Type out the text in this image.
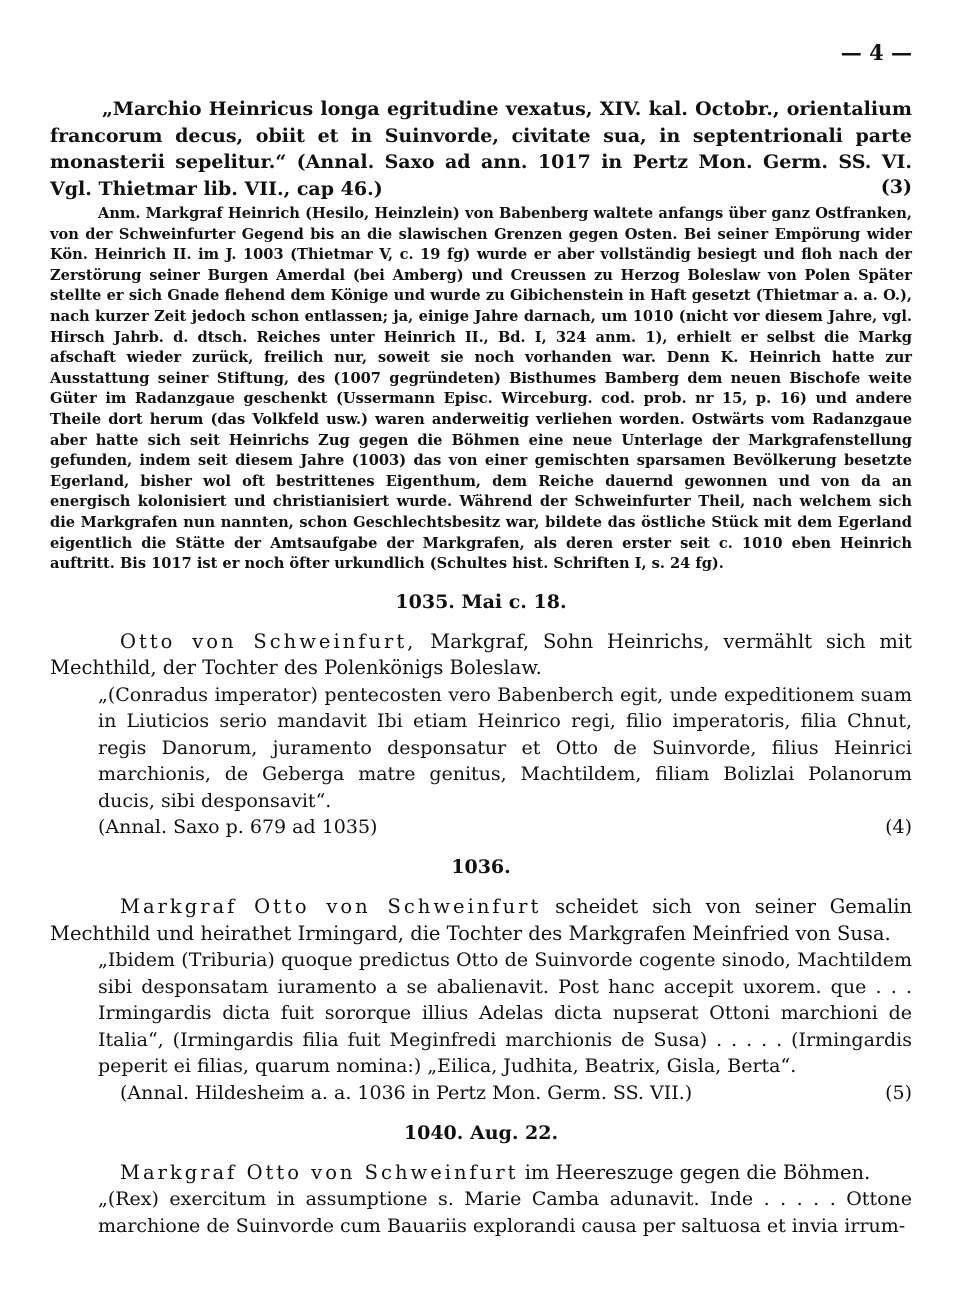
— 4 —

„Marchio Heinricus longa egritudine vexatus, XIV. kal. Octobr., orientalium francorum decus, obiit et in Suinvorde, civitate sua, in septentrionali parte monasterii sepelitur.“ (Annal. Saxo ad ann. 1017 in Pertz Mon. Germ. SS. VI. Vgl. Thietmar lib. VII., cap 46.)	(3)

Anm. Markgraf Heinrich (Hesilo, Heinzlein) von Babenberg waltete anfangs über ganz Ostfranken, von der Schweinfurter Gegend bis an die slawischen Grenzen gegen Osten. Bei seiner Empörung wider Kön. Heinrich II. im J. 1003 (Thietmar V, c. 19 fg) wurde er aber vollständig besiegt und floh nach der Zerstörung seiner Burgen Amerdal (bei Amberg) und Creussen zu Herzog Boleslaw von Polen Später stellte er sich Gnade flehend dem Könige und wurde zu Gibichenstein in Haft gesetzt (Thietmar a. a. O.), nach kurzer Zeit jedoch schon entlassen; ja, einige Jahre darnach, um 1010 (nicht vor diesem Jahre, vgl. Hirsch Jahrb. d. dtsch. Reiches unter Heinrich II., Bd. I, 324 anm. 1), erhielt er selbst die Markg afschaft wieder zurück, freilich nur, soweit sie noch vorhanden war. Denn K. Heinrich hatte zur Ausstattung seiner Stiftung, des (1007 gegründeten) Bisthumes Bamberg dem neuen Bischofe weite Güter im Radanzgaue geschenkt (Ussermann Episc. Wirceburg. cod. prob. nr 15, p. 16) und andere Theile dort herum (das Volkfeld usw.) waren anderweitig verliehen worden. Ostwärts vom Radanzgaue aber hatte sich seit Heinrichs Zug gegen die Böhmen eine neue Unterlage der Markgrafenstellung gefunden, indem seit diesem Jahre (1003) das von einer gemischten sparsamen Bevölkerung besetzte Egerland, bisher wol oft bestrittenes Eigenthum, dem Reiche dauernd gewonnen und von da an energisch kolonisiert und christianisiert wurde. Während der Schweinfurter Theil, nach welchem sich die Markgrafen nun nannten, schon Geschlechtsbesitz war, bildete das östliche Stück mit dem Egerland eigentlich die Stätte der Amtsaufgabe der Markgrafen, als deren erster seit c. 1010 eben Heinrich auftritt. Bis 1017 ist er noch öfter urkundlich (Schultes hist. Schriften I, s. 24 fg).

1035. Mai c. 18.

Otto von Schweinfurt, Markgraf, Sohn Heinrichs, vermählt sich mit Mechthild, der Tochter des Polenkönigs Boleslaw.

„(Conradus imperator) pentecosten vero Babenberch egit, unde expeditionem suam in Liuticios serio mandavit Ibi etiam Heinrico regi, filio imperatoris, filia Chnut, regis Danorum, juramento desponsatur et Otto de Suinvorde, filius Heinrici marchionis, de Geberga matre genitus, Machtildem, filiam Bolizlai Polanorum ducis, sibi desponsavit“.

(Annal. Saxo p. 679 ad 1035)	(4)
1036.

Markgraf Otto von Schweinfurt scheidet sich von seiner Gemalin Mechthild und heirathet Irmingard, die Tochter des Markgrafen Meinfried von Susa.

„Ibidem (Triburia) quoque predictus Otto de Suinvorde cogente sinodo, Machtildem sibi desponsatam iuramento a se abalienavit. Post hanc accepit uxorem. que . . . Irmingardis dicta fuit sororque illius Adelas dicta nupserat Ottoni marchioni de Italia“, (Irmingardis filia fuit Meginfredi marchionis de Susa) . . . . . (Irmingardis peperit ei filias, quarum nomina:) „Eilica, Judhita, Beatrix, Gisla, Berta“.

(Annal. Hildesheim a. a. 1036 in Pertz Mon. Germ. SS. VII.)	(5)
1040. Aug. 22.

Markgraf Otto von Schweinfurt im Heereszuge gegen die Böhmen.

„(Rex) exercitum in assumptione s. Marie Camba adunavit. Inde . . . . . Ottone marchione de Suinvorde cum Bauariis explorandi causa per saltuosa et invia irrum-
